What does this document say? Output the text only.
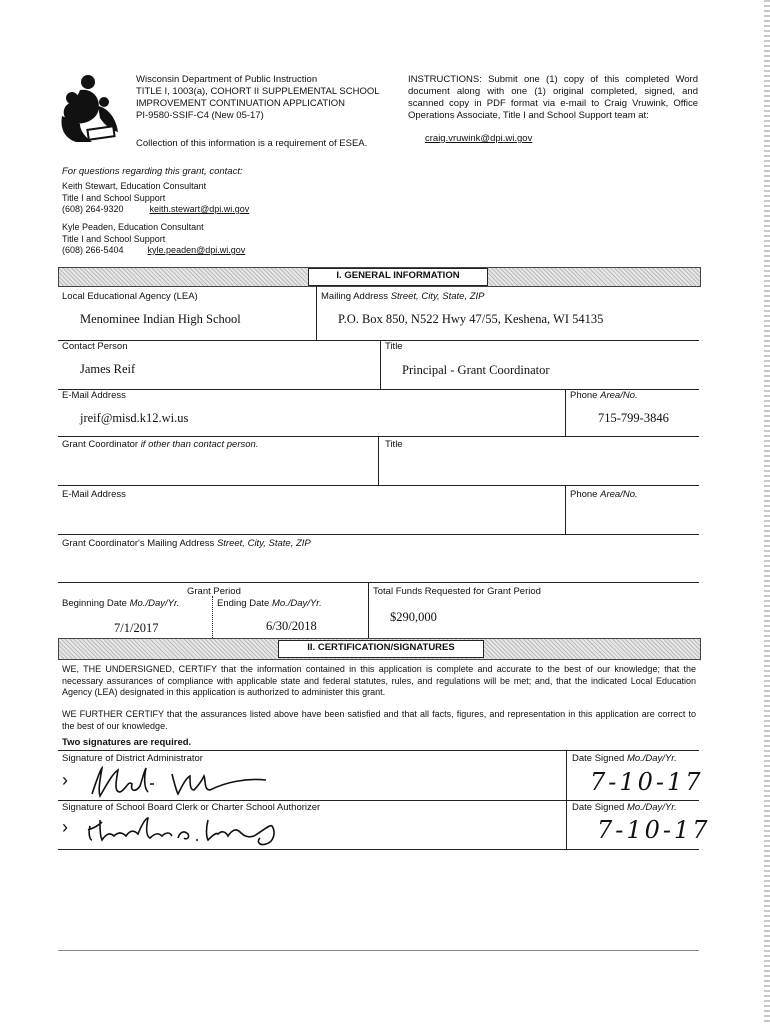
Wisconsin Department of Public Instruction
TITLE I, 1003(a), COHORT II SUPPLEMENTAL SCHOOL
IMPROVEMENT CONTINUATION APPLICATION
PI-9580-SSIF-C4 (New 05-17)
Collection of this information is a requirement of ESEA.
INSTRUCTIONS: Submit one (1) copy of this completed Word document along with one (1) original completed, signed, and scanned copy in PDF format via e-mail to Craig Vruwink, Office Operations Associate, Title I and School Support team at:
craig.vruwink@dpi.wi.gov
For questions regarding this grant, contact:
Keith Stewart, Education Consultant
Title I and School Support
(608) 264-9320	keith.stewart@dpi.wi.gov
Kyle Peaden, Education Consultant
Title I and School Support
(608) 266-5404	kyle.peaden@dpi.wi.gov
I. GENERAL INFORMATION
Local Educational Agency (LEA)	Mailing Address Street, City, State, ZIP
Menominee Indian High School	P.O. Box 850, N522 Hwy 47/55, Keshena, WI 54135
Contact Person	Title
James Reif	Principal - Grant Coordinator
E-Mail Address	Phone Area/No.
jreif@misd.k12.wi.us	715-799-3846
Grant Coordinator if other than contact person.	Title
E-Mail Address	Phone Area/No.
Grant Coordinator's Mailing Address Street, City, State, ZIP
Grant Period
Beginning Date Mo./Day/Yr.	Ending Date Mo./Day/Yr.
7/1/2017	6/30/2018
Total Funds Requested for Grant Period
$290,000
II. CERTIFICATION/SIGNATURES
WE, THE UNDERSIGNED, CERTIFY that the information contained in this application is complete and accurate to the best of our knowledge; that the necessary assurances of compliance with applicable state and federal statutes, rules, and regulations will be met; and, that the indicated Local Education Agency (LEA) designated in this application is authorized to administer this grant.
WE FURTHER CERTIFY that the assurances listed above have been satisfied and that all facts, figures, and representation in this application are correct to the best of our knowledge.
Two signatures are required.
Signature of District Administrator	Date Signed Mo./Day/Yr.
›	7-10-17
Signature of School Board Clerk or Charter School Authorizer	Date Signed Mo./Day/Yr.
›	7-10-17
